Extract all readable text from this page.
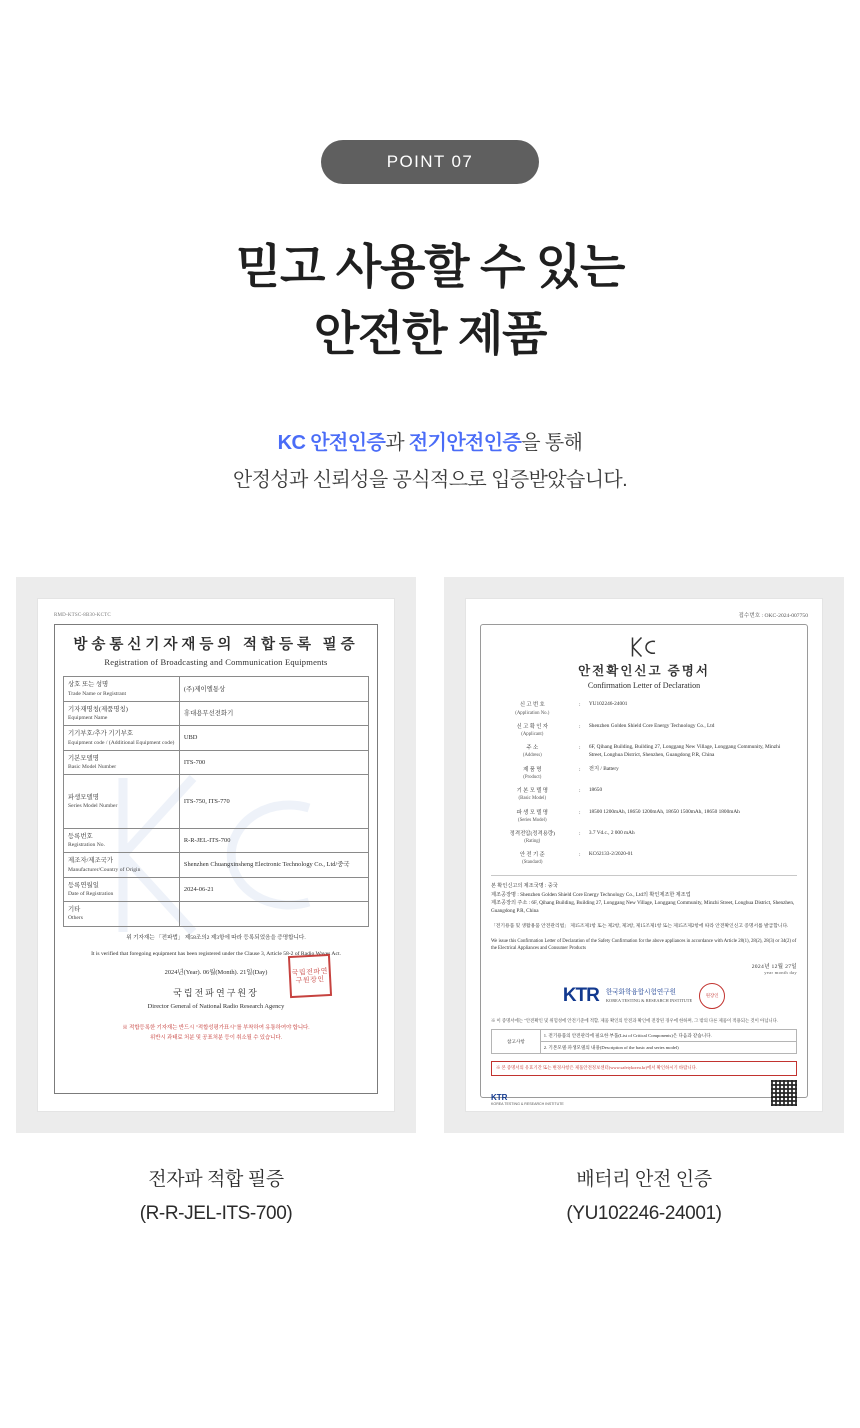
POINT 07
믿고 사용할 수 있는
안전한 제품
KC 안전인증과 전기안전인증을 통해
안정성과 신뢰성을 공식적으로 입증받았습니다.
RMD-KTSC-8B30-KCTC
방송통신기자재등의 적합등록 필증
Registration of Broadcasting and Communication Equipments
상호 또는 성명
Trade Name or Registrant	(주)제이엘통상

기자재명칭(제품명칭)
Equipment Name	휴대용무선전화기

기기부호/추가 기기부호
Equipment code / (Additional Equipment code)	UBD

기본모델명
Basic Model Number	ITS-700

파생모델명
Series Model Number	ITS-750, ITS-770

등록번호
Registration No.	R-R-JEL-ITS-700

제조자/제조국가
Manufacturer/Country of Origin	Shenzhen Chuangxinsheng Electronic Technology Co., Ltd/중국

등록연월일
Date of Registration	2024-06-21

기타
Others	

위 기자재는 「전파법」 제58조의2 제3항에 따라 등록되었음을 증명합니다.
It is verified that foregoing equipment has been registered under the Clause 3, Article 58-2 of Radio Waves Act.
2024년(Year). 06월(Month). 21일(Day)
국립전파연구원장
Director General of National Radio Research Agency
국립전파연구원장인
※ 적합등록한 기자재는 반드시 "적합성평가표시"를 부착하여 유통하여야 합니다.
위반시 과태료 처분 및 공표처분 등이 취소될 수 있습니다.
전자파 적합 필증
(R-R-JEL-ITS-700)
접수번호 : OKC-2024-007750
안전확인신고 증명서
Confirmation Letter of Declaration
신 고 번 호
(Application No.)	:	YU102246-24001

신 고 확 인 자
(Applicant)	:	Shenzhen Golden Shield Core Energy Technology Co., Ltd

주 소
(Address)	:	6F, Qihang Building, Building 27, Longgang New Village, Longgang Community, Minzhi Street, Longhua District, Shenzhen, Guangdong P.R, China

제 품 명
(Product)	:	전지 / Battery

기 본 모 델 명
(Basic Model)	:	18650

파 생 모 델 명
(Series Model)	:	18500 1200mAh, 18650 1200mAh, 18650 1500mAh, 18650 1800mAh

정격전압(정격용량)
(Rating)	:	3.7 Vd.c., 2 000 mAh

안 전 기 준
(Standard)	:	KC62133-2/2020-01
본 확인신고의 제조국명 : 중국
제조공장명 : Shenzhen Golden Shield Core Energy Technology Co., Ltd의 확인제조한 제조업
제조공장의 주소 : 6F, Qihang Building, Building 27, Longgang New Village, Longgang Community, Minzhi Street, Longhua District, Shenzhen, Guangdong P.R, China
「전기용품 및 생활용품 안전관리법」 제15조제1항 또는 제2항, 제3항, 제15조제1항 또는 제15조제2항에 따라 안전확인신고 증명서를 발급합니다.
We issue this Confirmation Letter of Declaration of the Safety Confirmation for the above appliances in accordance with Article 28(1), 28(2), 28(3) or 34(2) of the Electrical Appliances and Consumer Products
2024년 12월 27일
year month day
KTR 한국화학융합시험연구원
KOREA TESTING & RESEARCH INSTITUTE
원장인
※ 이 증명서에는 "안전확인 및 위험성에 안전기준에 적합, 제품 확인의 안전과 확인에 전장된 경우에 한하며, 그 밖의 다른 제품이 적용되는 것이 아닙니다.
참고사항	1. 전기용품의 안전관리에 필요한 부품(List of Critical Components)은 다음과 같습니다.
2. 기본모델·파생모델의 내용(Description of the basic and series model)
※ 본 증명서의 유효기간 또는 변경사항은 제품안전정보센터(www.safetykorea.kr)에서 확인하시기 바랍니다.
KTR
KOREA TESTING & RESEARCH INSTITUTE
배터리 안전 인증
(YU102246-24001)
